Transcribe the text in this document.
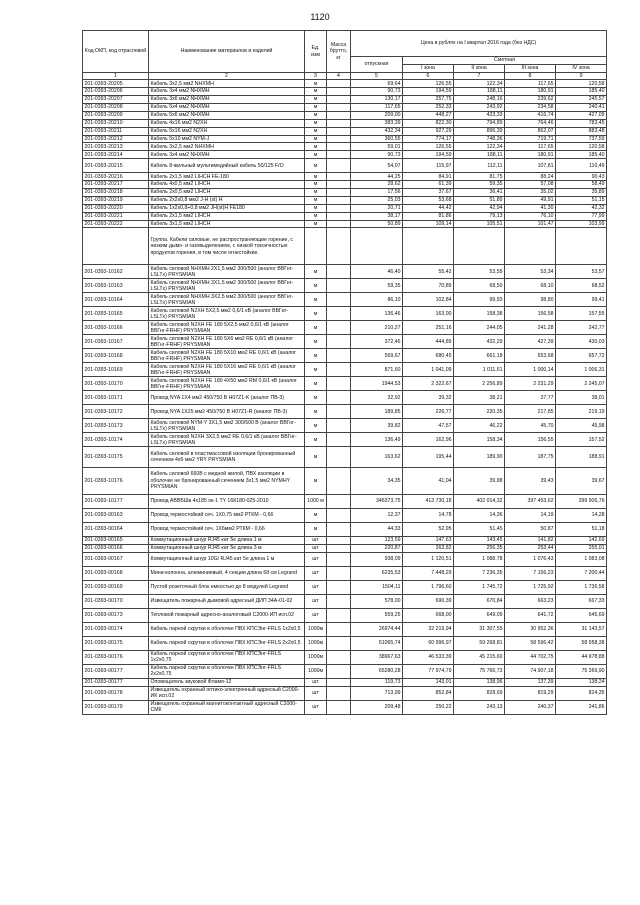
1120
Код ОКП, код отраслевой	Наименование материалов и изделий	Ед. изм	Масса брутто, кг	Цена в рублях на I квартал 2016 года (без НДС)				
				отпускная	Сметная			
					I зона	II зона	III зона	IV зона
1	2	3	4	5	6	7	8	9
201-0393-20205	Кабель 3х2,5 мм2 NHXMH	м		69,64	126,55	122,34	117,65	120,58
201-0393-20206	Кабель 3х4 мм2 NHXMH	м		90,73	194,59	188,11	180,91	185,40
201-0393-20207	Кабель 3х6 мм2 NHXMH	м		130,17	257,75	248,16	239,62	245,57
201-0393-20208	Кабель 5х4 мм2 NHXMH	м		117,65	252,33	243,92	234,58	240,41
201-0393-20209	Кабель 5х6 мм2 NHXMH	м		209,00	448,27	433,33	416,74	427,09
201-0393-20210	Кабель 4х16 мм2 N2XH	м		383,39	822,30	794,89	764,46	783,45
201-0393-20211	Кабель 5х16 мм2 N2XH	м		432,34	927,29	896,39	862,07	883,48
201-0393-20212	Кабель 5х10 мм2 NYM-J	м		360,55	774,17	748,36	719,71	737,59
201-0393-20213	Кабель 3х2,5 мм2 NHXMH	м		59,01	126,55	122,34	117,65	120,58
201-0393-20214	Кабель 3х4 мм2 NHXMH	м		90,73	194,59	188,11	180,91	185,40
201-0393-20215	Кабель 8-жильный мультимедийный кабель 50/125 F/O	м		54,07	115,97	112,11	107,81	110,49
201-0393-20216	Кабель 2х1,5 мм2 LIHCH FE-180	м		44,25	84,91	81,75	88,24	90,43
201-0393-20217	Кабель 4х0,5 мм2 LIHCH	м		28,62	61,39	59,35	57,08	58,49
201-0393-20218	Кабель 2х0,5 мм2 LIHCH	м		17,56	37,67	36,41	35,02	35,89
201-0393-20219	Кабель 2х2х0,8 мм2 J-H (st) H	м		25,03	53,68	51,89	49,91	51,15
201-0393-20220	Кабель 1х2х0,8+0,8 мм2 JH(st)H FE180	м		20,71	44,42	42,94	41,30	42,32
201-0393-20221	Кабель 2х1,5 мм2 LIHCH	м		38,17	81,86	79,13	76,10	77,99
201-0393-20222	Кабель 3х1,5 мм2 LIHCH	м		50,89	109,14	105,51	101,47	103,99
	Группа. Кабели силовые, не распространяющие горение, с низким дымо- и газовыделением, с низкой токсичностью продуктов горения, в том числе огнестойкие.							
201-0393-10162	Кабель силовой NHXMH 2X1,5 мм2 300/500 (аналог ВВГнг-LSLTx) PRYSMIAN	м		46,40	55,42	53,55	53,34	53,57
201-0393-10163	Кабель силовой NHXMH 3X1,5 мм2 300/500 (аналог ВВГнг-LSLTx) PRYSMIAN	м		59,35	70,89	68,50	68,10	68,52
201-0393-10164	Кабель силовой NHXMH 3X2,5 мм2 300/500 (аналог ВВГнг-LSLTx) PRYSMIAN	м		86,10	102,84	99,93	98,80	99,41
201-0393-10165	Кабель силовой N2XH 5Х2,5 мм2 0,6/1 кВ (аналог ВВГнг-LSLTx) PRYSMIAN	м		136,46	163,00	158,38	156,58	157,55
201-0393-10166	Кабель силовой N2XH FE 180 5Х2,5 мм2 0,6/1 кВ (аналог ВВГнг-FRHF) PRYSMIAN	м		210,27	251,16	244,05	241,28	242,77
201-0393-10167	Кабель силовой N2XH FE 180 5Х6 мм2 RE 0,6/1 кВ (аналог ВВГнг-FRHF) PRYSMIAN	м		372,46	444,89	432,29	427,39	430,03
201-0393-10168	Кабель силовой N2XH FE 180 5Х10 мм2 RE 0,6/1 кВ (аналог ВВГнг-FRHF) PRYSMIAN	м		569,67	680,45	661,18	653,68	657,72
201-0393-10169	Кабель силовой N2XH FE 180 5Х16 мм2 RE 0,6/1 кВ (аналог ВВГнг-FRHF) PRYSMIAN	м		871,60	1 041,09	1 011,61	1 000,14	1 006,31
201-0393-10170	Кабель силовой N2XH FE 180 4Х50 мм2 RM 0,6/1 кВ (аналог ВВГнг-FRHF) PRYSMIAN	м		1944,53	2 322,67	2 256,89	2 231,29	2 245,07
201-0393-10171	Провод NYA 1Х4 мм2 450/750 В H07Z1-K (аналог ПВ-3)	м		32,92	39,32	38,21	37,77	38,01
201-0393-10172	Провод NYA 1Х25 мм2 450/750 В H07Z1-R (аналог ПВ-3)	м		189,85	226,77	220,35	217,85	219,19
201-0393-10173	Кабель силовой NYM-Y 3Х1,5 мм2 300/500 В (аналог ВВГнг-LSLTx) PRYSMIAN	м		39,82	47,57	46,22	45,70	45,98
201-0393-10174	Кабель силовой N2XH 3Х2,5 мм2 RE 0,6/1 кВ (аналог ВВГнг-LSLTx) PRYSMIAN	м		136,49	162,96	158,34	156,55	157,52
201-0393-10175	Кабель силовой в пластмассовой изоляции бронированный сечением 4х6 мм2 YRY PRYSMIAN	м		163,62	195,44	189,90	187,75	188,91
201-0393-10176	Кабель силовой 660В с медной жилой, ПВХ изоляции в оболочке не бронированный сечением 3х1,5 мм2 NYMHY PRYSMIAN	м		34,35	41,04	39,88	39,43	39,67
201-0393-10177	Провод АВВБШв 4х185 ок-1 TY 16К180-025-2010	1000 м		346373,75	413 730,18	402 014,32	397 453,62	399 906,76
201-0393-00163	Провод термостойкий сеч. 1Х0,75 мм2 РТКМ - 0,66	м		12,37	14,78	14,36	14,19	14,28
201-0393-00164	Провод термостойкий сеч. 1Х6мм2 РТКМ - 0,66	м		44,33	52,95	51,45	50,87	51,18
201-0393-00165	Коммутационный шнур RJ45 кат 5е длина 1 м	шт		123,59	147,63	143,45	141,82	142,69
201-0393-00166	Коммутационный шнур RJ45 кат 5е длина 3 м	шт		220,87	263,82	256,35	253,44	255,01
201-0393-00167	Коммутационный шнур 10G/ RJ45 кат 5е длина 1 м	шт		938,09	1 120,51	1 088,78	1 076,43	1 083,08
201-0393-00168	Мини-колонна, алюминиевый, 4 секции длина 68 см Legrand	шт		6235,53	7 448,29	7 236,35	7 156,23	7 200,44
201-0393-00169	Пустой розеточный блок емкостью до 8 модулей Legrand	шт		1504,11	1 796,60	1 745,72	1 725,92	1 736,58
201-0393-00170	Извещатель пожарный дымовой адресный ДИП 34А-01-02	шт		578,00	690,39	670,84	663,23	667,33
201-0393-00173	Тепловой пожарный адресно-аналоговый С2000-ИП исп.02	шт		559,25	668,00	649,09	641,72	645,69
201-0393-00174	Кабель парной скрутки в оболочке ПВХ КПСЭнг-FRLS 1х2х0,5	1000м		26974,44	32 219,94	31 307,55	30 952,36	31 143,57
201-0393-00175	Кабель парной скрутки в оболочке ПВХ КПСЭнг-FRLS 2х2х0,5	1000м		51065,74	60 996,97	59 268,81	58 596,42	58 958,38
201-0393-00176	Кабель парной скрутки в оболочке ПВХ КПСЭнг-FRLS 1х2х0,75	1000м		38967,63	46 533,39	45 215,60	44 702,75	44 978,88
201-0393-00177	Кабель парной скрутки в оболочке ПВХ КПСЭнг-FRLS 2х2х0,75	1000м		65280,28	77 974,79	75 766,73	74 907,18	75 369,90
201-0393-00177	Оповещатель звуковой Фламя-12	шт		119,73	143,01	138,96	137,39	138,24
201-0393-00178	Извещатель охранный оптико-электронный адресный С2000-ИК исп.02	шт		713,99	852,84	828,69	819,29	824,35
201-0393-00179	Извещатель охранный магнитоконтактный адресный С2000-СМК	шт		209,48	250,22	243,13	240,37	241,86
